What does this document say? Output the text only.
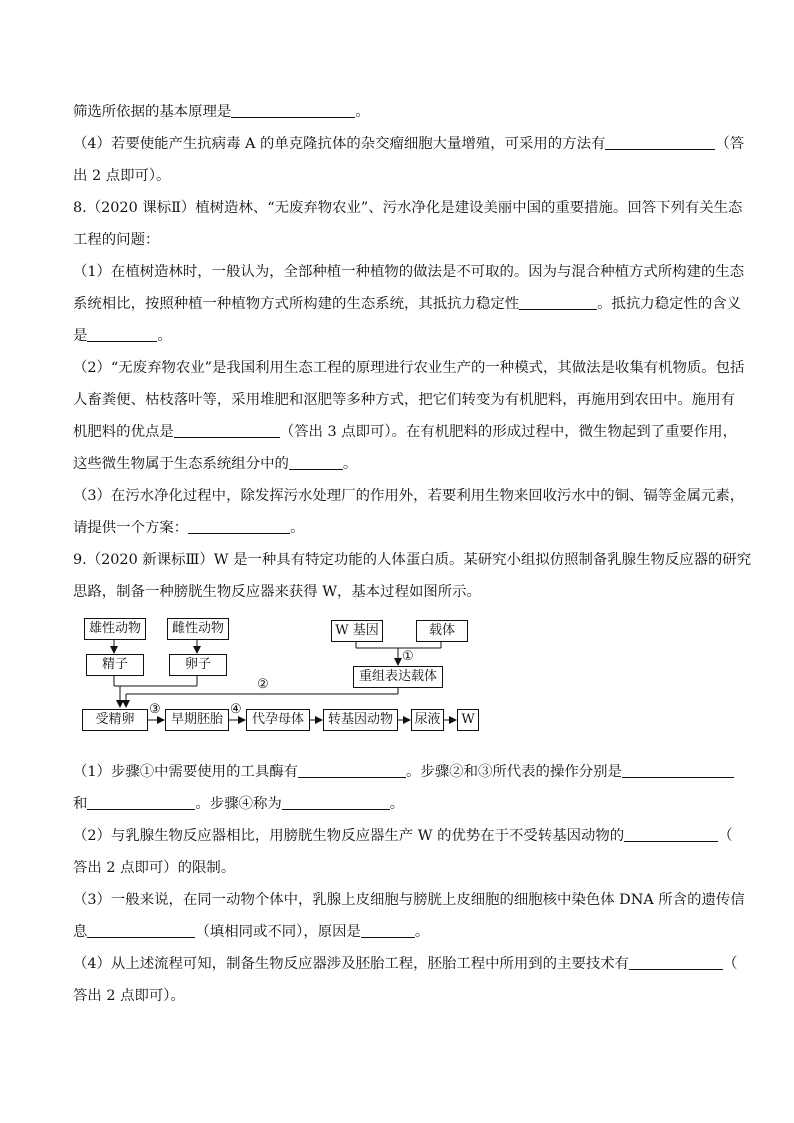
筛选所依据的基本原理是	。
（4）若要使能产生抗病毒 A 的单克隆抗体的杂交瘤细胞大量增殖，可采用的方法有	（答
出 2 点即可）。
8.（2020 课标Ⅱ）植树造林、“无废弃物农业”、污水净化是建设美丽中国的重要措施。回答下列有关生态
工程的问题：
（1）在植树造林时，一般认为，全部种植一种植物的做法是不可取的。因为与混合种植方式所构建的生态
系统相比，按照种植一种植物方式所构建的生态系统，其抵抗力稳定性	。抵抗力稳定性的含义
是	。
（2）“无废弃物农业”是我国利用生态工程的原理进行农业生产的一种模式，其做法是收集有机物质。包括
人畜粪便、枯枝落叶等，采用堆肥和沤肥等多种方式，把它们转变为有机肥料，再施用到农田中。施用有
机肥料的优点是	（答出 3 点即可）。在有机肥料的形成过程中，微生物起到了重要作用，
这些微生物属于生态系统组分中的	。
（3）在污水净化过程中，除发挥污水处理厂的作用外，若要利用生物来回收污水中的铜、镉等金属元素，
请提供一个方案：	。
9.（2020 新课标Ⅲ）W 是一种具有特定功能的人体蛋白质。某研究小组拟仿照制备乳腺生物反应器的研究
思路，制备一种膀胱生物反应器来获得 W，基本过程如图所示。
雄性动物	雌性动物
精子	卵子
W 基因	载体
重组表达载体
受精卵	早期胚胎	代孕母体	转基因动物	尿液	W
①
②
③	④
（1）步骤①中需要使用的工具酶有	。步骤②和③所代表的操作分别是
和	。步骤④称为	。
（2）与乳腺生物反应器相比，用膀胱生物反应器生产 W 的优势在于不受转基因动物的	（
答出 2 点即可）的限制。
（3）一般来说，在同一动物个体中，乳腺上皮细胞与膀胱上皮细胞的细胞核中染色体 DNA 所含的遗传信
息	（填相同或不同），原因是	。
（4）从上述流程可知，制备生物反应器涉及胚胎工程，胚胎工程中所用到的主要技术有	（
答出 2 点即可）。
